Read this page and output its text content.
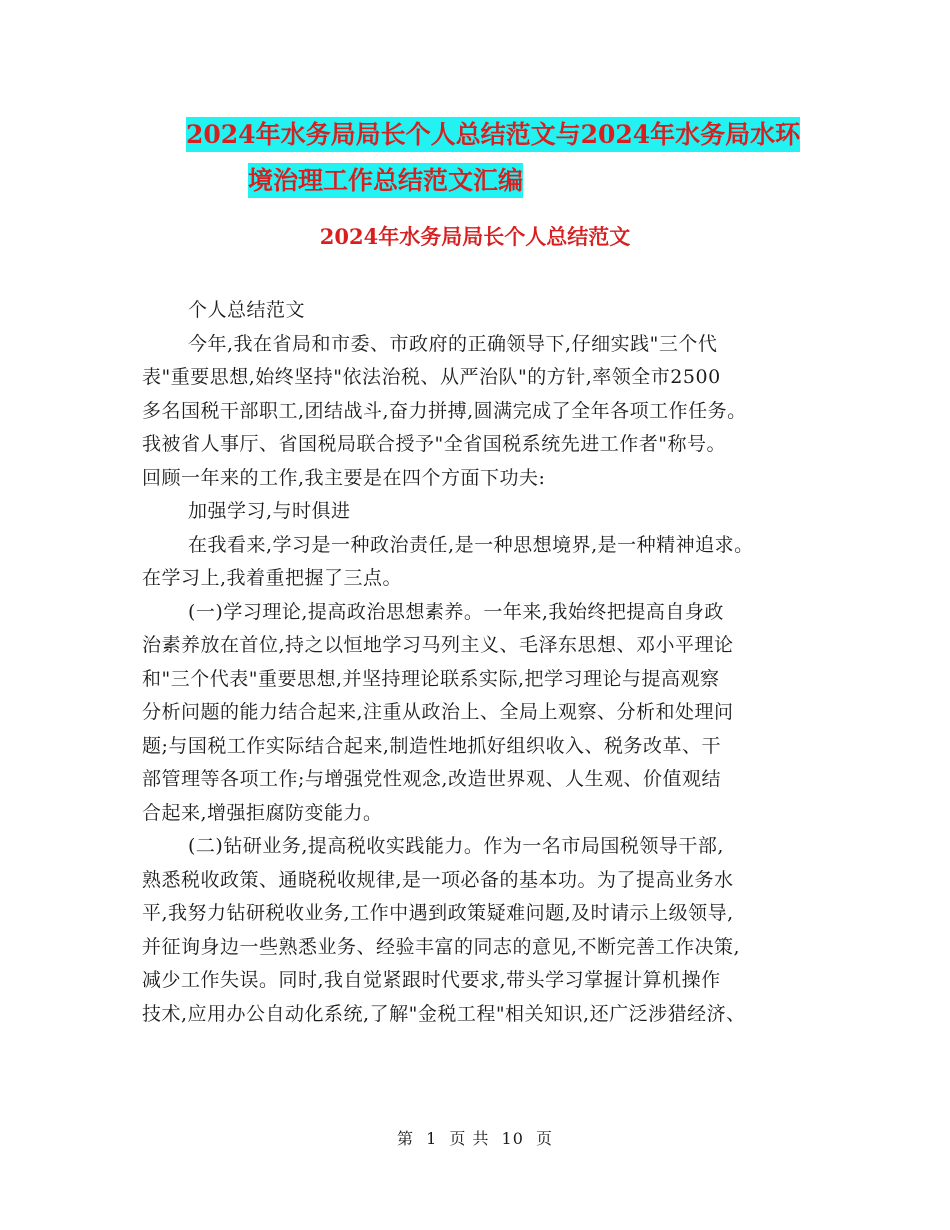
2024年水务局局长个人总结范文与2024年水务局水环
境治理工作总结范文汇编
2024年水务局局长个人总结范文
个人总结范文
今年,我在省局和市委、市政府的正确领导下,仔细实践"三个代
表"重要思想,始终坚持"依法治税、从严治队"的方针,率领全市2500
多名国税干部职工,团结战斗,奋力拼搏,圆满完成了全年各项工作任务。
我被省人事厅、省国税局联合授予"全省国税系统先进工作者"称号。
回顾一年来的工作,我主要是在四个方面下功夫:
加强学习,与时俱进
在我看来,学习是一种政治责任,是一种思想境界,是一种精神追求。
在学习上,我着重把握了三点。
(一)学习理论,提高政治思想素养。一年来,我始终把提高自身政
治素养放在首位,持之以恒地学习马列主义、毛泽东思想、邓小平理论
和"三个代表"重要思想,并坚持理论联系实际,把学习理论与提高观察
分析问题的能力结合起来,注重从政治上、全局上观察、分析和处理问
题;与国税工作实际结合起来,制造性地抓好组织收入、税务改革、干
部管理等各项工作;与增强党性观念,改造世界观、人生观、价值观结
合起来,增强拒腐防变能力。
(二)钻研业务,提高税收实践能力。作为一名市局国税领导干部,
熟悉税收政策、通晓税收规律,是一项必备的基本功。为了提高业务水
平,我努力钻研税收业务,工作中遇到政策疑难问题,及时请示上级领导,
并征询身边一些熟悉业务、经验丰富的同志的意见,不断完善工作决策,
减少工作失误。同时,我自觉紧跟时代要求,带头学习掌握计算机操作
技术,应用办公自动化系统,了解"金税工程"相关知识,还广泛涉猎经济、
第 1 页 共 10 页
